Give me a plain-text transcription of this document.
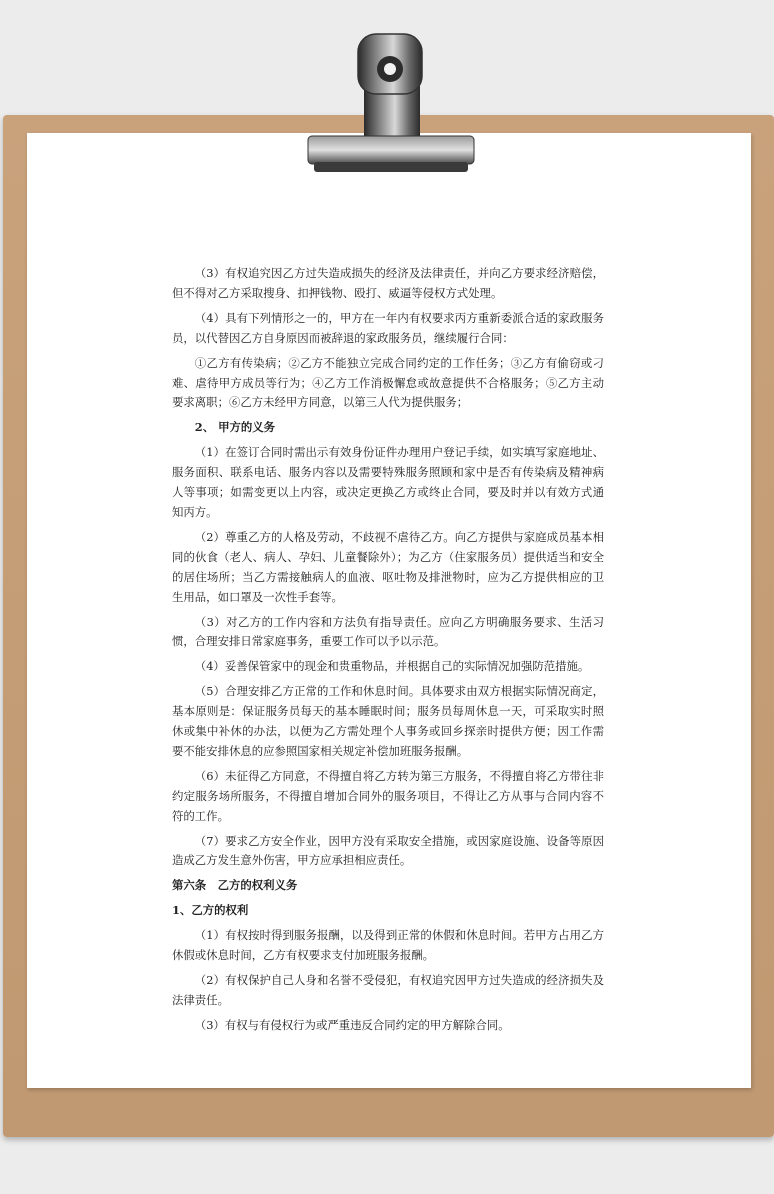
（3）有权追究因乙方过失造成损失的经济及法律责任，并向乙方要求经济赔偿，但不得对乙方采取搜身、扣押钱物、殴打、威逼等侵权方式处理。

（4）具有下列情形之一的，甲方在一年内有权要求丙方重新委派合适的家政服务员，以代替因乙方自身原因而被辞退的家政服务员，继续履行合同：

①乙方有传染病；②乙方不能独立完成合同约定的工作任务；③乙方有偷窃或刁难、虐待甲方成员等行为；④乙方工作消极懈怠或故意提供不合格服务；⑤乙方主动要求离职；⑥乙方未经甲方同意，以第三人代为提供服务；

2、 甲方的义务

（1）在签订合同时需出示有效身份证件办理用户登记手续，如实填写家庭地址、服务面积、联系电话、服务内容以及需要特殊服务照顾和家中是否有传染病及精神病人等事项；如需变更以上内容，或决定更换乙方或终止合同，要及时并以有效方式通知丙方。

（2）尊重乙方的人格及劳动，不歧视不虐待乙方。向乙方提供与家庭成员基本相同的伙食（老人、病人、孕妇、儿童餐除外）；为乙方（住家服务员）提供适当和安全的居住场所；当乙方需接触病人的血液、呕吐物及排泄物时，应为乙方提供相应的卫生用品，如口罩及一次性手套等。

（3）对乙方的工作内容和方法负有指导责任。应向乙方明确服务要求、生活习惯，合理安排日常家庭事务，重要工作可以予以示范。

（4）妥善保管家中的现金和贵重物品，并根据自己的实际情况加强防范措施。

（5）合理安排乙方正常的工作和休息时间。具体要求由双方根据实际情况商定，基本原则是：保证服务员每天的基本睡眠时间；服务员每周休息一天，可采取实时照休或集中补休的办法，以便为乙方需处理个人事务或回乡探亲时提供方便；因工作需要不能安排休息的应参照国家相关规定补偿加班服务报酬。

（6）未征得乙方同意，不得擅自将乙方转为第三方服务，不得擅自将乙方带往非约定服务场所服务，不得擅自增加合同外的服务项目，不得让乙方从事与合同内容不符的工作。

（7）要求乙方安全作业，因甲方没有采取安全措施，或因家庭设施、设备等原因造成乙方发生意外伤害，甲方应承担相应责任。

第六条　乙方的权利义务

1、乙方的权利

（1）有权按时得到服务报酬，以及得到正常的休假和休息时间。若甲方占用乙方休假或休息时间，乙方有权要求支付加班服务报酬。

（2）有权保护自己人身和名誉不受侵犯，有权追究因甲方过失造成的经济损失及法律责任。

（3）有权与有侵权行为或严重违反合同约定的甲方解除合同。
